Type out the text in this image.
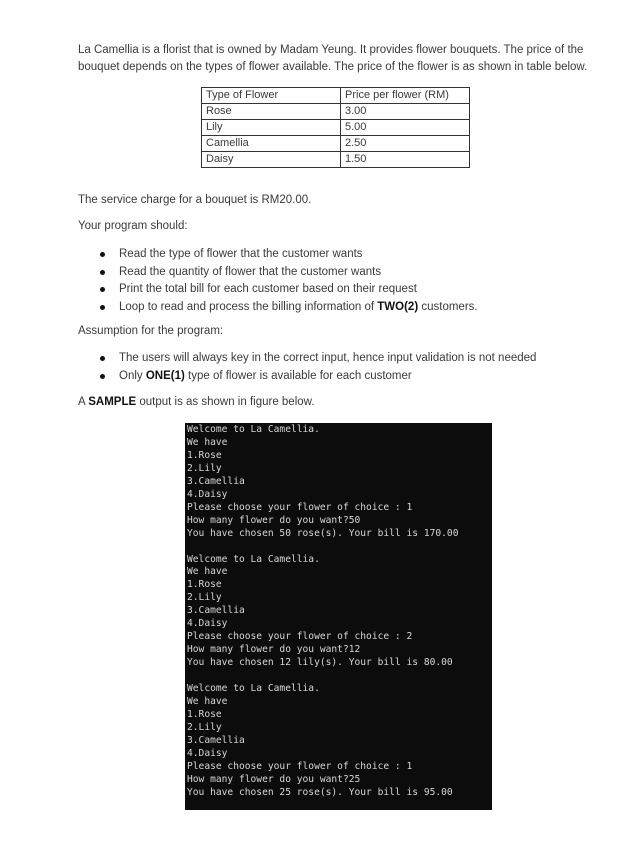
La Camellia is a florist that is owned by Madam Yeung. It provides flower bouquets. The price of the bouquet depends on the types of flower available. The price of the flower is as shown in table below.

Type of Flower	Price per flower (RM)
Rose	3.00
Lily	5.00
Camellia	2.50
Daisy	1.50

The service charge for a bouquet is RM20.00.

Your program should:

Read the type of flower that the customer wants
Read the quantity of flower that the customer wants
Print the total bill for each customer based on their request
Loop to read and process the billing information of TWO(2) customers.

Assumption for the program:

The users will always key in the correct input, hence input validation is not needed
Only ONE(1) type of flower is available for each customer

A SAMPLE output is as shown in figure below.

Welcome to La Camellia.
We have
1.Rose
2.Lily
3.Camellia
4.Daisy
Please choose your flower of choice : 1
How many flower do you want?50
You have chosen 50 rose(s). Your bill is 170.00

Welcome to La Camellia.
We have
1.Rose
2.Lily
3.Camellia
4.Daisy
Please choose your flower of choice : 2
How many flower do you want?12
You have chosen 12 lily(s). Your bill is 80.00

Welcome to La Camellia.
We have
1.Rose
2.Lily
3.Camellia
4.Daisy
Please choose your flower of choice : 1
How many flower do you want?25
You have chosen 25 rose(s). Your bill is 95.00
